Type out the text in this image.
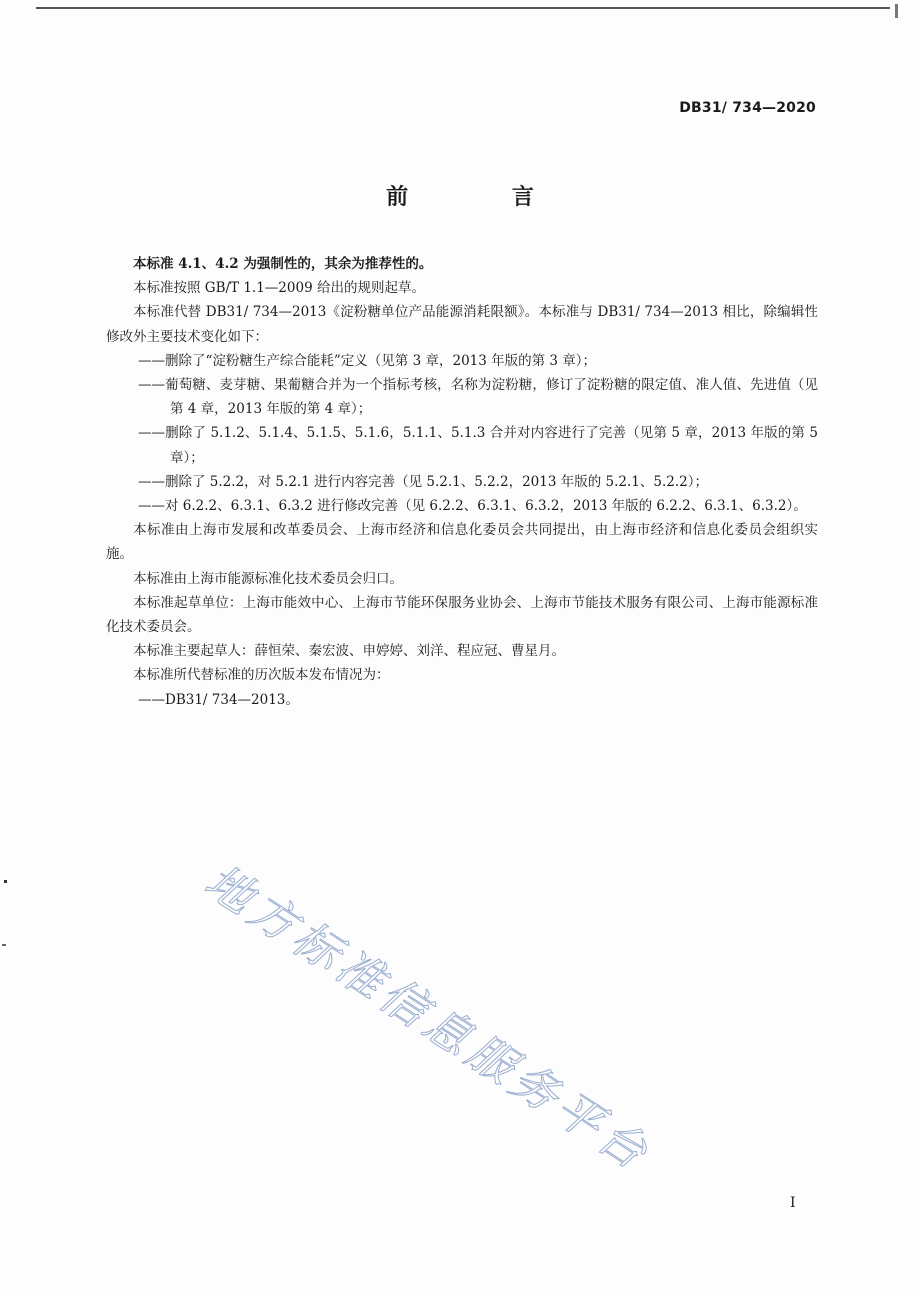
DB31/ 734—2020
前 言

本标准 4.1、4.2 为强制性的，其余为推荐性的。

本标准按照 GB/T 1.1—2009 给出的规则起草。

本标准代替 DB31/ 734—2013《淀粉糖单位产品能源消耗限额》。本标准与 DB31/ 734—2013 相比，除编辑性修改外主要技术变化如下：

——删除了“淀粉糖生产综合能耗”定义（见第 3 章，2013 年版的第 3 章）；

——葡萄糖、麦芽糖、果葡糖合并为一个指标考核，名称为淀粉糖，修订了淀粉糖的限定值、准人值、先进值（见第 4 章，2013 年版的第 4 章）；

——删除了 5.1.2、5.1.4、5.1.5、5.1.6，5.1.1、5.1.3 合并对内容进行了完善（见第 5 章，2013 年版的第 5 章）；

——删除了 5.2.2，对 5.2.1 进行内容完善（见 5.2.1、5.2.2，2013 年版的 5.2.1、5.2.2）；

——对 6.2.2、6.3.1、6.3.2 进行修改完善（见 6.2.2、6.3.1、6.3.2，2013 年版的 6.2.2、6.3.1、6.3.2）。

本标准由上海市发展和改革委员会、上海市经济和信息化委员会共同提出，由上海市经济和信息化委员会组织实施。

本标准由上海市能源标准化技术委员会归口。

本标准起草单位：上海市能效中心、上海市节能环保服务业协会、上海市节能技术服务有限公司、上海市能源标准化技术委员会。

本标准主要起草人：薛恒荣、秦宏波、申婷婷、刘洋、程应冠、曹星月。

本标准所代替标准的历次版本发布情况为：

——DB31/ 734—2013。

地方标准信息服务平台
I
